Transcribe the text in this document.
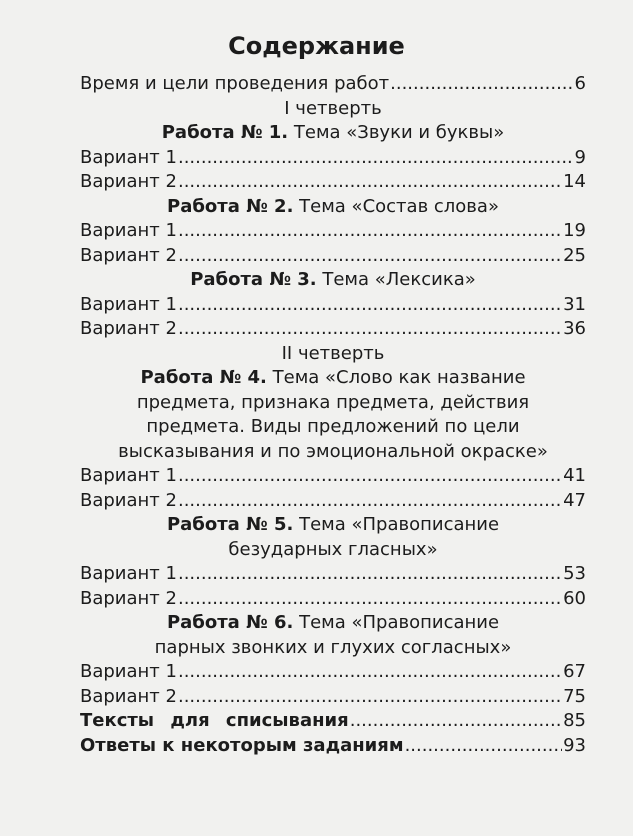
Содержание
Время и цели проведения работ .....	6
I четверть
Работа № 1. Тема «Звуки и буквы»
Вариант 1 .....	9
Вариант 2 .....	14
Работа № 2. Тема «Состав слова»
Вариант 1 .....	19
Вариант 2 .....	25
Работа № 3. Тема «Лексика»
Вариант 1 .....	31
Вариант 2 .....	36
II четверть
Работа № 4. Тема «Слово как название
предмета, признака предмета, действия
предмета. Виды предложений по цели
высказывания и по эмоциональной окраске»
Вариант 1 .....	41
Вариант 2 .....	47
Работа № 5. Тема «Правописание
безударных гласных»
Вариант 1 .....	53
Вариант 2 .....	60
Работа № 6. Тема «Правописание
парных звонких и глухих согласных»
Вариант 1 .....	67
Вариант 2 .....	75
Тексты для списывания .....	85
Ответы к некоторым заданиям .....	93
